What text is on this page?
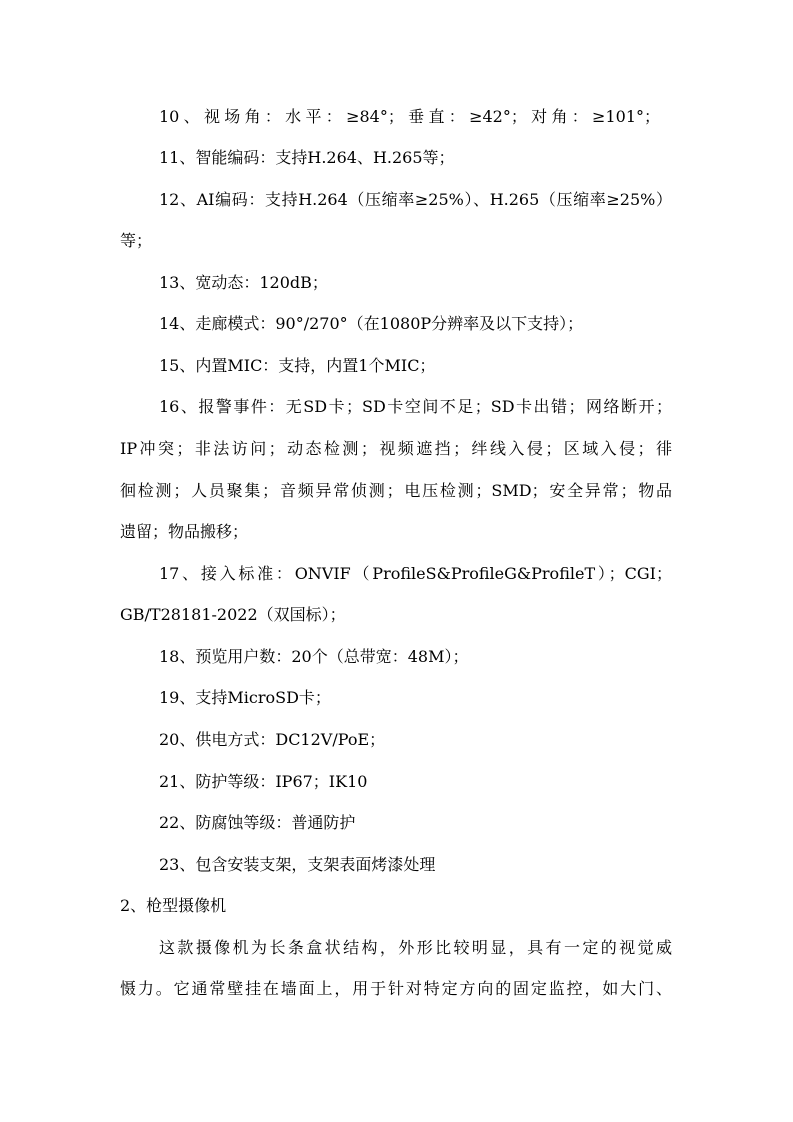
10、视场角：水平：≥84°；垂直：≥42°；对角：≥101°；
11、智能编码：支持H.264、H.265等；
12、AI编码：支持H.264（压缩率≥25%）、H.265（压缩率≥25%）
等；
13、宽动态：120dB；
14、走廊模式：90°/270°（在1080P分辨率及以下支持）；
15、内置MIC：支持，内置1个MIC；
16、报警事件：无SD卡；SD卡空间不足；SD卡出错；网络断开；
IP冲突；非法访问；动态检测；视频遮挡；绊线入侵；区域入侵；徘
徊检测；人员聚集；音频异常侦测；电压检测；SMD；安全异常；物品
遗留；物品搬移；
17、接入标准：ONVIF（ProfileS&ProfileG&ProfileT）；CGI；
GB/T28181-2022（双国标）；
18、预览用户数：20个（总带宽：48M）；
19、支持MicroSD卡；
20、供电方式：DC12V/PoE；
21、防护等级：IP67；IK10
22、防腐蚀等级：普通防护
23、包含安装支架，支架表面烤漆处理
2、枪型摄像机
这款摄像机为长条盒状结构，外形比较明显，具有一定的视觉威
慑力。它通常壁挂在墙面上，用于针对特定方向的固定监控，如大门、
